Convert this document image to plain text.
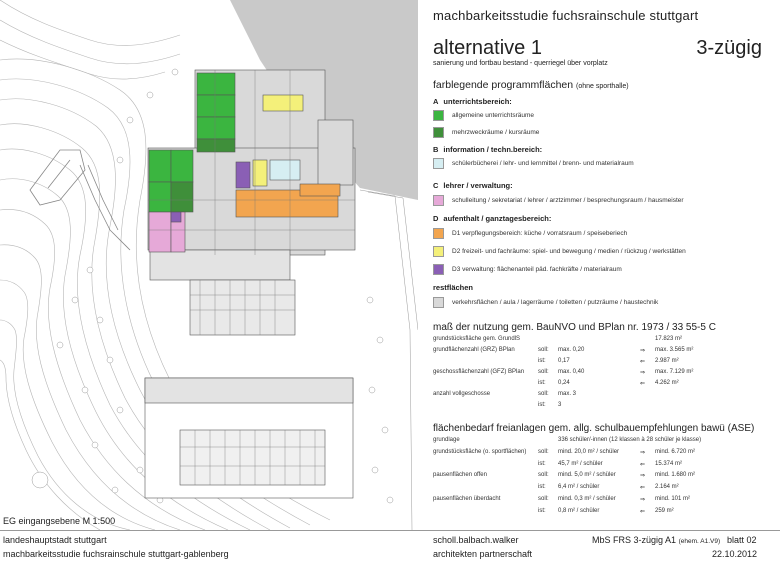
EG eingangsebene M 1:500
machbarkeitsstudie fuchsrainschule stuttgart
alternative 1	3-zügig
sanierung und fortbau bestand - querriegel über vorplatz
farblegende programmflächen (ohne sporthalle)
A unterrichtsbereich:
allgemeine unterrichtsräume
mehrzweckräume / kursräume
B information / techn.bereich:
schülerbücherei / lehr- und lernmittel / brenn- und materialraum
C lehrer / verwaltung:
schulleitung / sekretariat / lehrer / arztzimmer / besprechungsraum / hausmeister
D aufenthalt / ganztagesbereich:
D1 verpflegungsbereich: küche / vorratsraum / speiseberiech
D2 freizeit- und fachräume: spiel- und bewegung / medien / rückzug / werkstätten
D3 verwaltung: flächenanteil päd. fachkräfte / materialraum
restflächen
verkehrsflächen / aula / lagerräume / toiletten / putzräume / haustechnik
maß der nutzung gem. BauNVO und BPlan nr. 1973 / 33 55-5 C
grundstücksfläche gem. GrundlS	17.823 m²
grundflächenzahl (GRZ) BPlan	soll: max. 0,20	⇒ max. 3.565 m²
ist: 0,17	⇐ 2.987 m²
geschossflächenzahl (GFZ) BPlan soll: max. 0,40	⇒ max. 7.129 m²
ist: 0,24	⇐ 4.262 m²
anzahl vollgeschosse	soll: max. 3
ist: 3
flächenbedarf freianlagen gem. allg. schulbauempfehlungen bawü (ASE)
grundlage	336 schüler/-innen (12 klassen à 28 schüler je klasse)
grundstücksfläche (o. sportflächen) soll: mind. 20,0 m² / schüler	⇒ mind. 6.720 m²
ist: 45,7 m² / schüler	⇐ 15.374 m²
pausenflächen offen	soll: mind. 5,0 m² / schüler	⇒ mind. 1.680 m²
ist: 6,4 m² / schüler	⇐ 2.164 m²
pausenflächen überdacht	soll: mind. 0,3 m² / schüler	⇒ mind. 101 m²
ist: 0,8 m² / schüler	⇐ 259 m²
landeshauptstadt stuttgart
machbarkeitsstudie fuchsrainschule stuttgart-gablenberg
scholl.balbach.walker
architekten partnerschaft
MbS FRS 3-zügig A1 (ehem. A1.V9) blatt 02
22.10.2012
